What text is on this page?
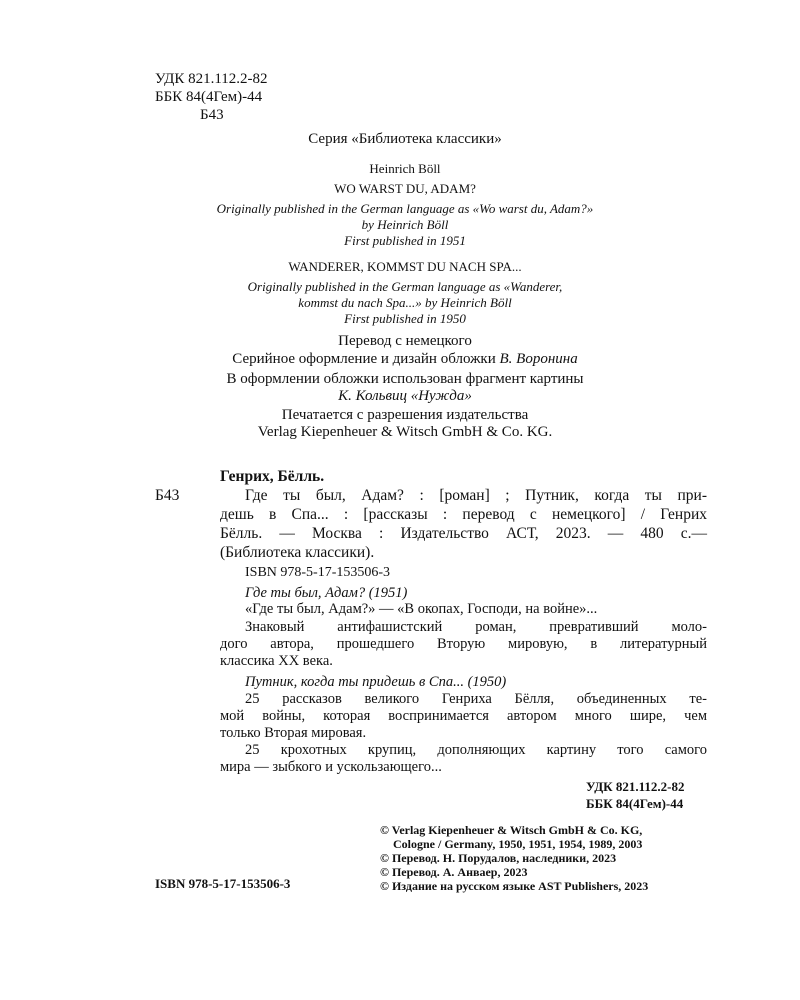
УДК 821.112.2-82
ББК 84(4Гем)-44
Б43
Серия «Библиотека классики»
Heinrich Böll
WO WARST DU, ADAM?
Originally published in the German language as «Wo warst du, Adam?»
by Heinrich Böll
First published in 1951
WANDERER, KOMMST DU NACH SPA...
Originally published in the German language as «Wanderer,
kommst du nach Spa...» by Heinrich Böll
First published in 1950
Перевод с немецкого
Серийное оформление и дизайн обложки В. Воронина
В оформлении обложки использован фрагмент картины
К. Кольвиц «Нужда»
Печатается с разрешения издательства
Verlag Kiepenheuer & Witsch GmbH & Co. KG.
Генрих, Бёлль.
Б43	Где ты был, Адам? : [роман] ; Путник, когда ты при-
дешь в Спа... : [рассказы : перевод с немецкого] / Генрих
Бёлль. — Москва : Издательство АСТ, 2023. — 480 с.—
(Библиотека классики).
ISBN 978-5-17-153506-3
Где ты был, Адам? (1951)
«Где ты был, Адам?» — «В окопах, Господи, на войне»...
Знаковый антифашистский роман, превративший моло-
дого автора, прошедшего Вторую мировую, в литературный
классика XX века.
Путник, когда ты придешь в Спа... (1950)
25 рассказов великого Генриха Бёлля, объединенных те-
мой войны, которая воспринимается автором много шире, чем
только Вторая мировая.
25 крохотных крупиц, дополняющих картину того самого
мира — зыбкого и ускользающего...
УДК 821.112.2-82
ББК 84(4Гем)-44
ISBN 978-5-17-153506-3
© Verlag Kiepenheuer & Witsch GmbH & Co. KG,
Cologne / Germany, 1950, 1951, 1954, 1989, 2003
© Перевод. Н. Порудалов, наследники, 2023
© Перевод. А. Анваер, 2023
© Издание на русском языке AST Publishers, 2023
